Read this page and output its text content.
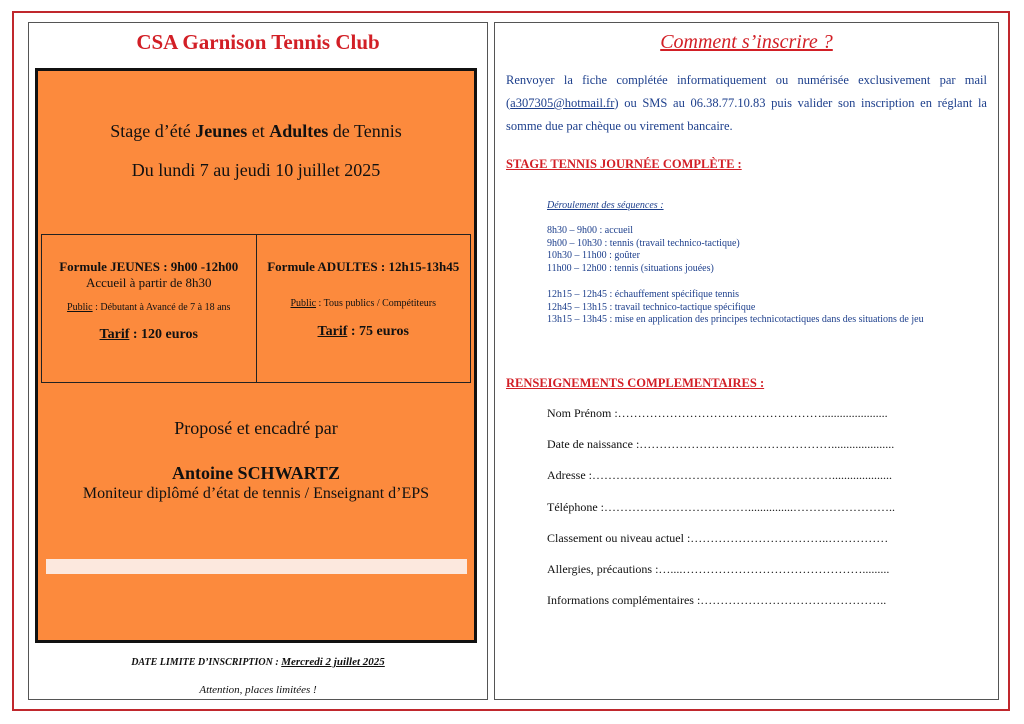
CSA Garnison Tennis Club
Stage d’été Jeunes et Adultes de Tennis
Du lundi 7 au jeudi 10 juillet 2025
Formule JEUNES : 9h00 -12h00
Accueil à partir de 8h30
Public : Débutant à Avancé de 7 à 18 ans
Tarif : 120 euros
Formule ADULTES : 12h15-13h45
Public : Tous publics / Compétiteurs
Tarif : 75 euros
Proposé et encadré par
Antoine SCHWARTZ
Moniteur diplômé d’état de tennis / Enseignant d’EPS
DATE LIMITE D’INSCRIPTION : Mercredi 2 juillet 2025
Attention, places limitées !
Comment s’inscrire ?
Renvoyer la fiche complétée informatiquement ou numérisée exclusivement par mail (a307305@hotmail.fr) ou SMS au 06.38.77.10.83 puis valider son inscription en réglant la somme due par chèque ou virement bancaire.
STAGE TENNIS JOURNÉE COMPLÈTE :
Déroulement des séquences :
8h30 – 9h00 : accueil
9h00 – 10h30 : tennis (travail technico-tactique)
10h30 – 11h00 : goûter
11h00 – 12h00 : tennis (situations jouées)
12h15 – 12h45 : échauffement spécifique tennis
12h45 – 13h15 : travail technico-tactique spécifique
13h15 – 13h45 : mise en application des principes technicotactiques dans des situations de jeu
RENSEIGNEMENTS COMPLEMENTAIRES :
Nom Prénom :……………………………………………......................
Date de naissance :………………………………………….....................
Adresse :……………………………………………………....................
Téléphone :………………………………...............……………………..
Classement ou niveau actuel :……………………………..……………
Allergies, précautions :…....……………………………………….........
Informations complémentaires :………………………………………..
